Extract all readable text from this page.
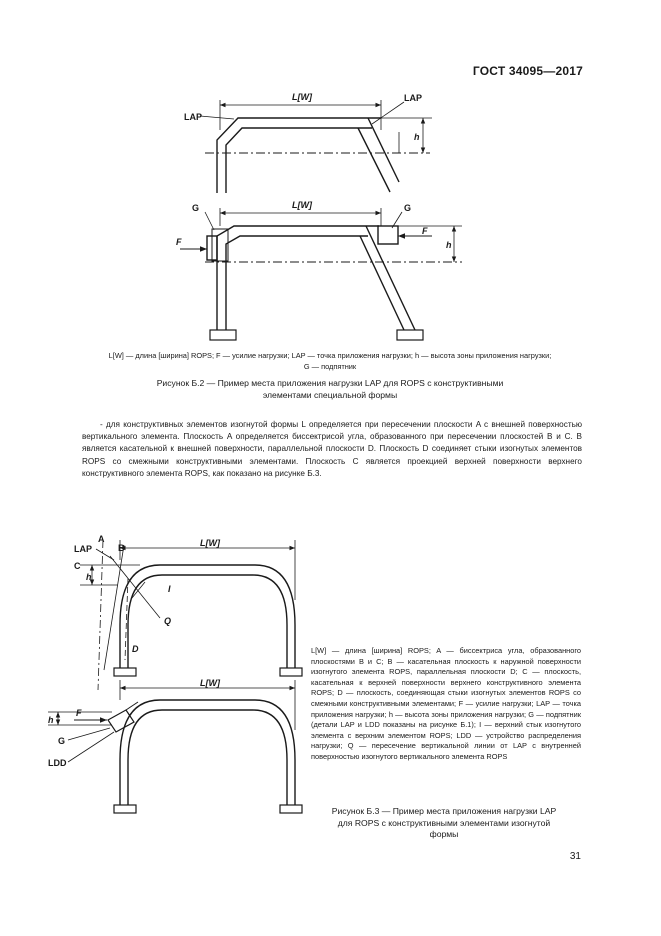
ГОСТ 34095—2017
L[W]
LAP
LAP
h
L[W]
G	G
F
F
h
L[W] — длина [ширина] ROPS; F — усилие нагрузки; LAP — точка приложения нагрузки; h — высота зоны приложения нагрузки;
G — подпятник
Рисунок Б.2 — Пример места приложения нагрузки LAP для ROPS с конструктивными
элементами специальной формы

- для конструктивных элементов изогнутой формы L определяется при пересечении плоскости A с внешней поверхностью вертикального элемента. Плоскость A определяется биссектрисой угла, образованного при пересечении плоскостей B и C. B является касательной к внешней поверхности, параллельной плоскости D. Плоскость D соединяет стыки изогнутых элементов ROPS со смежными конструктивными элементами. Плоскость C является проекцией верхней поверхности верхнего конструктивного элемента ROPS, как показано на рисунке Б.3.

L[W]
LAP
A
B
C
h
I
Q
D
L[W]
h
F
G
LDD
L[W] — длина [ширина] ROPS; A — биссектриса угла, образованного плоскостями B и C; B — касательная плоскость к наружной поверхности изогнутого элемента ROPS, параллельная плоскости D; C — плоскость, касательная к верхней поверхности верхнего конструктивного элемента ROPS; D — плоскость, соединяющая стыки изогнутых элементов ROPS со смежными конструктивными элементами; F — усилие нагрузки; LAP — точка приложения нагрузки; h — высота зоны приложения нагрузки; G — подпятник (детали LAP и LDD показаны на рисунке Б.1); I — верхний стык изогнутого элемента с верхним элементом ROPS; LDD — устройство распределения нагрузки; Q — пересечение вертикальной линии от LAP с внутренней поверхностью изогнутого вертикального элемента ROPS
Рисунок Б.3 — Пример места приложения нагрузки LAP
для ROPS с конструктивными элементами изогнутой
формы
31
